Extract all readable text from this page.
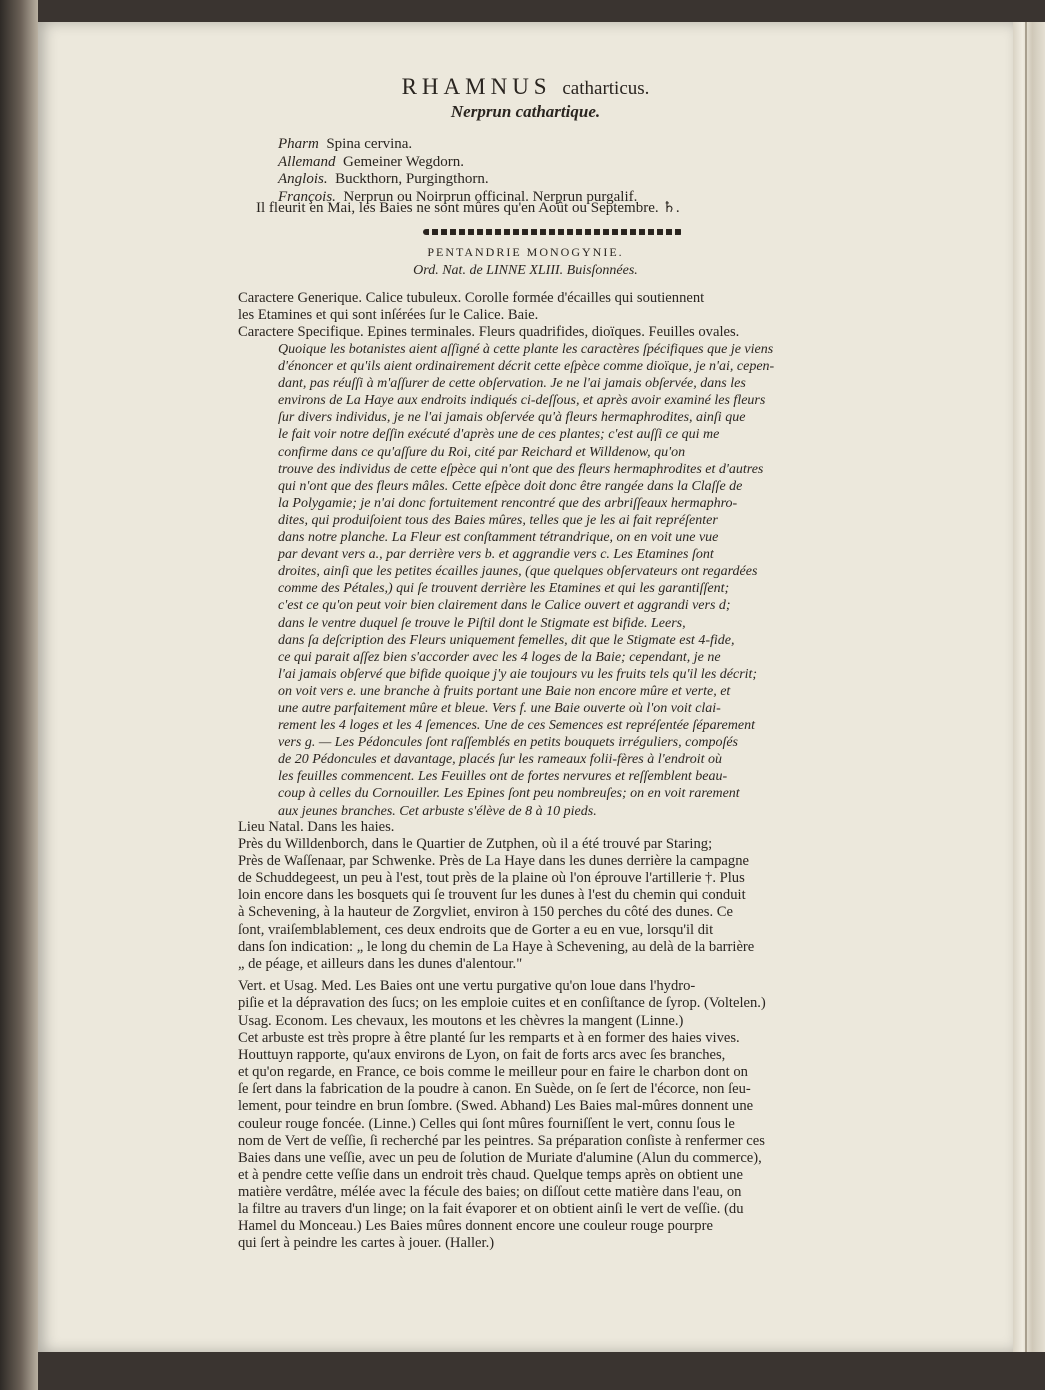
RHAMNUS catharticus.
Nerprun cathartique.
Pharm Spina cervina.
Allemand Gemeiner Wegdorn.
Anglois. Buckthorn, Purgingthorn.
François. Nerprun ou Noirprun officinal. Nerprun purgalif.
Il fleurit en Mai, les Baies ne sont mûres qu'en Août ou Septembre. ♄.
PENTANDRIE MONOGYNIE.
Ord. Nat. de LINNE XLIII. Buisſonnées.
Caractere Generique. Calice tubuleux. Corolle formée d'écailles qui soutiennent
les Etamines et qui sont inſérées ſur le Calice. Baie.
Caractere Specifique. Epines terminales. Fleurs quadrifides, dioïques. Feuilles ovales.
Quoique les botanistes aient aſſigné à cette plante les caractères ſpécifiques que je viens
d'énoncer et qu'ils aient ordinairement décrit cette eſpèce comme dioïque, je n'ai, cepen-
dant, pas réuſſi à m'aſſurer de cette obſervation. Je ne l'ai jamais obſervée, dans les
environs de La Haye aux endroits indiqués ci-deſſous, et après avoir examiné les fleurs
ſur divers individus, je ne l'ai jamais obſervée qu'à fleurs hermaphrodites, ainſi que
le fait voir notre deſſin exécuté d'après une de ces plantes; c'est auſſi ce qui me
confirme dans ce qu'aſſure du Roi, cité par Reichard et Willdenow, qu'on
trouve des individus de cette eſpèce qui n'ont que des fleurs hermaphrodites et d'autres
qui n'ont que des fleurs mâles. Cette eſpèce doit donc être rangée dans la Claſſe de
la Polygamie; je n'ai donc fortuitement rencontré que des arbriſſeaux hermaphro-
dites, qui produiſoient tous des Baies mûres, telles que je les ai fait repréſenter
dans notre planche. La Fleur est conſtamment tétrandrique, on en voit une vue
par devant vers a., par derrière vers b. et aggrandie vers c. Les Etamines ſont
droites, ainſi que les petites écailles jaunes, (que quelques obſervateurs ont regardées
comme des Pétales,) qui ſe trouvent derrière les Etamines et qui les garantiſſent;
c'est ce qu'on peut voir bien clairement dans le Calice ouvert et aggrandi vers d;
dans le ventre duquel ſe trouve le Piſtil dont le Stigmate est bifide. Leers,
dans ſa deſcription des Fleurs uniquement femelles, dit que le Stigmate est 4-fide,
ce qui parait aſſez bien s'accorder avec les 4 loges de la Baie; cependant, je ne
l'ai jamais obſervé que bifide quoique j'y aie toujours vu les fruits tels qu'il les décrit;
on voit vers e. une branche à fruits portant une Baie non encore mûre et verte, et
une autre parfaitement mûre et bleue. Vers f. une Baie ouverte où l'on voit clai-
rement les 4 loges et les 4 ſemences. Une de ces Semences est repréſentée ſéparement
vers g. — Les Pédoncules ſont raſſemblés en petits bouquets irréguliers, compoſés
de 20 Pédoncules et davantage, placés ſur les rameaux folii-fères à l'endroit où
les feuilles commencent. Les Feuilles ont de fortes nervures et reſſemblent beau-
coup à celles du Cornouiller. Les Epines ſont peu nombreuſes; on en voit rarement
aux jeunes branches. Cet arbuste s'élève de 8 à 10 pieds.
Lieu Natal. Dans les haies.
Près du Willdenborch, dans le Quartier de Zutphen, où il a été trouvé par Staring;
Près de Waſſenaar, par Schwenke. Près de La Haye dans les dunes derrière la campagne
de Schuddegeest, un peu à l'est, tout près de la plaine où l'on éprouve l'artillerie †. Plus
loin encore dans les bosquets qui ſe trouvent ſur les dunes à l'est du chemin qui conduit
à Schevening, à la hauteur de Zorgvliet, environ à 150 perches du côté des dunes. Ce
ſont, vraiſemblablement, ces deux endroits que de Gorter a eu en vue, lorsqu'il dit
dans ſon indication: „ le long du chemin de La Haye à Schevening, au delà de la barrière
„ de péage, et ailleurs dans les dunes d'alentour."
Vert. et Usag. Med. Les Baies ont une vertu purgative qu'on loue dans l'hydro-
piſie et la dépravation des ſucs; on les emploie cuites et en conſiſtance de ſyrop. (Voltelen.)
Usag. Econom. Les chevaux, les moutons et les chèvres la mangent (Linne.)
Cet arbuste est très propre à être planté ſur les remparts et à en former des haies vives.
Houttuyn rapporte, qu'aux environs de Lyon, on fait de forts arcs avec ſes branches,
et qu'on regarde, en France, ce bois comme le meilleur pour en faire le charbon dont on
ſe ſert dans la fabrication de la poudre à canon. En Suède, on ſe ſert de l'écorce, non ſeu-
lement, pour teindre en brun ſombre. (Swed. Abhand) Les Baies mal-mûres donnent une
couleur rouge foncée. (Linne.) Celles qui ſont mûres fourniſſent le vert, connu ſous le
nom de Vert de veſſie, ſi recherché par les peintres. Sa préparation conſiste à renfermer ces
Baies dans une veſſie, avec un peu de ſolution de Muriate d'alumine (Alun du commerce),
et à pendre cette veſſie dans un endroit très chaud. Quelque temps après on obtient une
matière verdâtre, mélée avec la fécule des baies; on diſſout cette matière dans l'eau, on
la filtre au travers d'un linge; on la fait évaporer et on obtient ainſi le vert de veſſie. (du
Hamel du Monceau.) Les Baies mûres donnent encore une couleur rouge pourpre
qui ſert à peindre les cartes à jouer. (Haller.)
